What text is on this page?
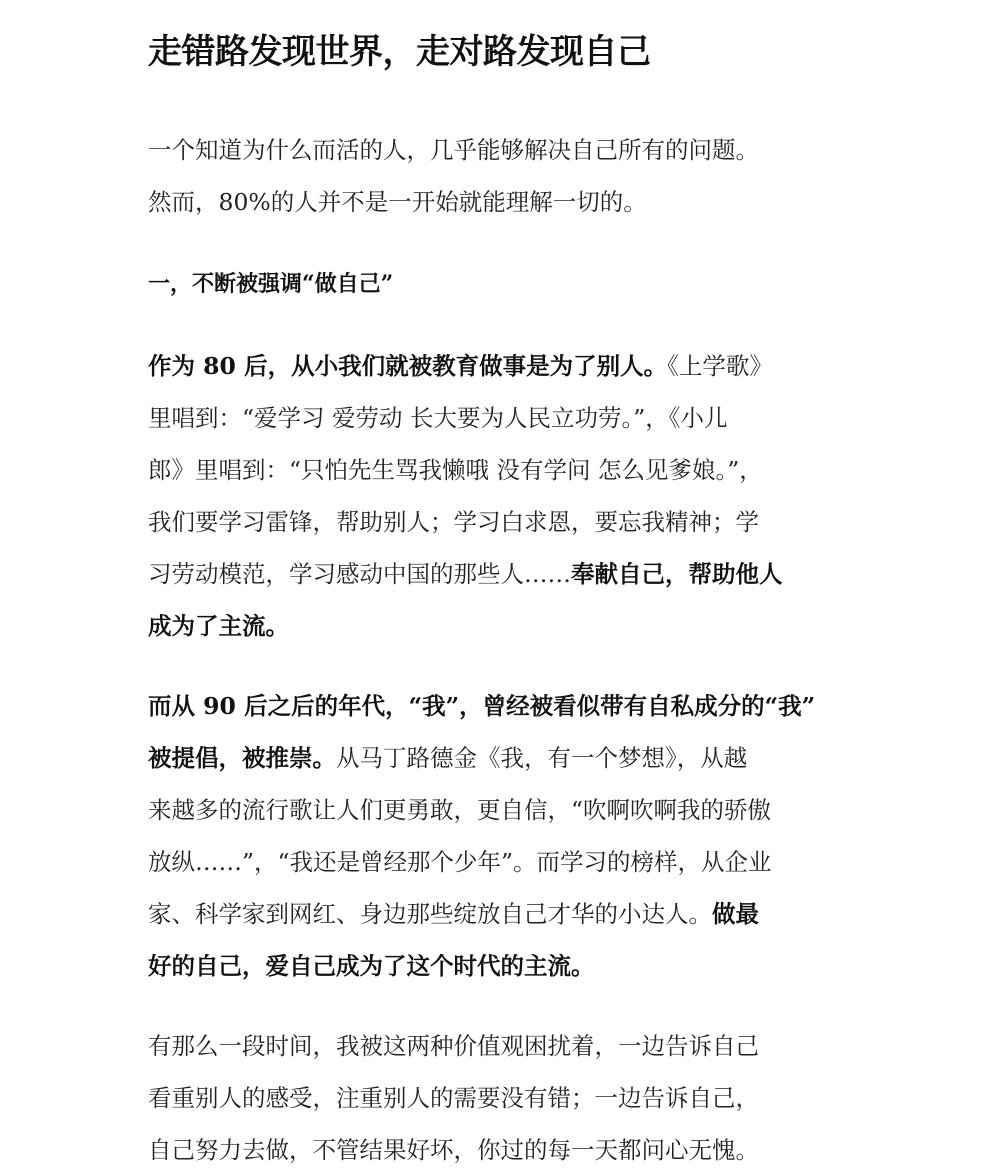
走错路发现世界，走对路发现自己

一个知道为什么而活的人，几乎能够解决自己所有的问题。
然而，80%的人并不是一开始就能理解一切的。

一，不断被强调“做自己”

作为 80 后，从小我们就被教育做事是为了别人。《上学歌》
里唱到：“爱学习 爱劳动 长大要为人民立功劳。”，《小儿
郎》里唱到：“只怕先生骂我懒哦 没有学问 怎么见爹娘。”，
我们要学习雷锋，帮助别人；学习白求恩，要忘我精神；学
习劳动模范，学习感动中国的那些人……奉献自己，帮助他人
成为了主流。

而从 90 后之后的年代，“我”，曾经被看似带有自私成分的“我”
被提倡，被推崇。从马丁路德金《我，有一个梦想》，从越
来越多的流行歌让人们更勇敢，更自信，“吹啊吹啊我的骄傲
放纵……”，“我还是曾经那个少年”。而学习的榜样，从企业
家、科学家到网红、身边那些绽放自己才华的小达人。做最
好的自己，爱自己成为了这个时代的主流。

有那么一段时间，我被这两种价值观困扰着，一边告诉自己
看重别人的感受，注重别人的需要没有错；一边告诉自己，
自己努力去做，不管结果好坏，你过的每一天都问心无愧。
